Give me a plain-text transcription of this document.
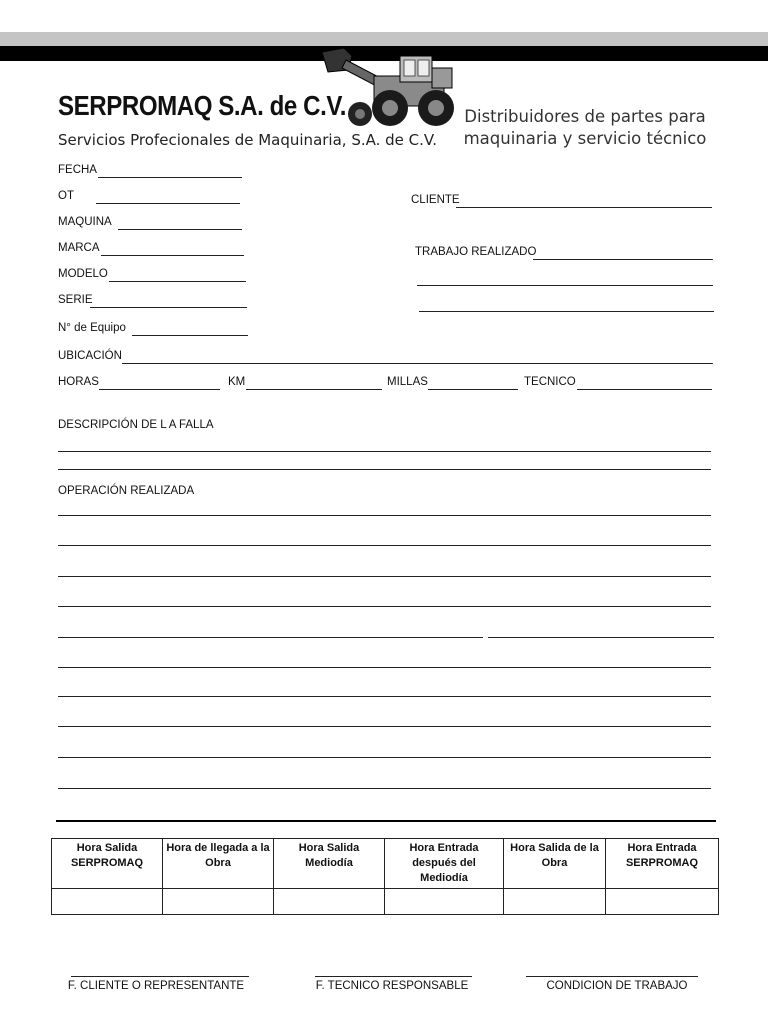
SERPROMAQ S.A. de C.V.
Servicios Profecionales de Maquinaria, S.A. de C.V.
Distribuidores de partes para
maquinaria y servicio técnico
FECHA
OT
MAQUINA
MARCA
MODELO
SERIE
N° de Equipo
CLIENTE
TRABAJO REALIZADO
UBICACIÓN
HORAS	KM	MILLAS	TECNICO
DESCRIPCIÓN DE L A FALLA
OPERACIÓN REALIZADA
Hora Salida SERPROMAQ	Hora de llegada a la Obra	Hora Salida Mediodía	Hora Entrada después del Mediodía	Hora Salida de la Obra	Hora Entrada SERPROMAQ

F. CLIENTE O REPRESENTANTE	F. TECNICO RESPONSABLE	CONDICION DE TRABAJO
